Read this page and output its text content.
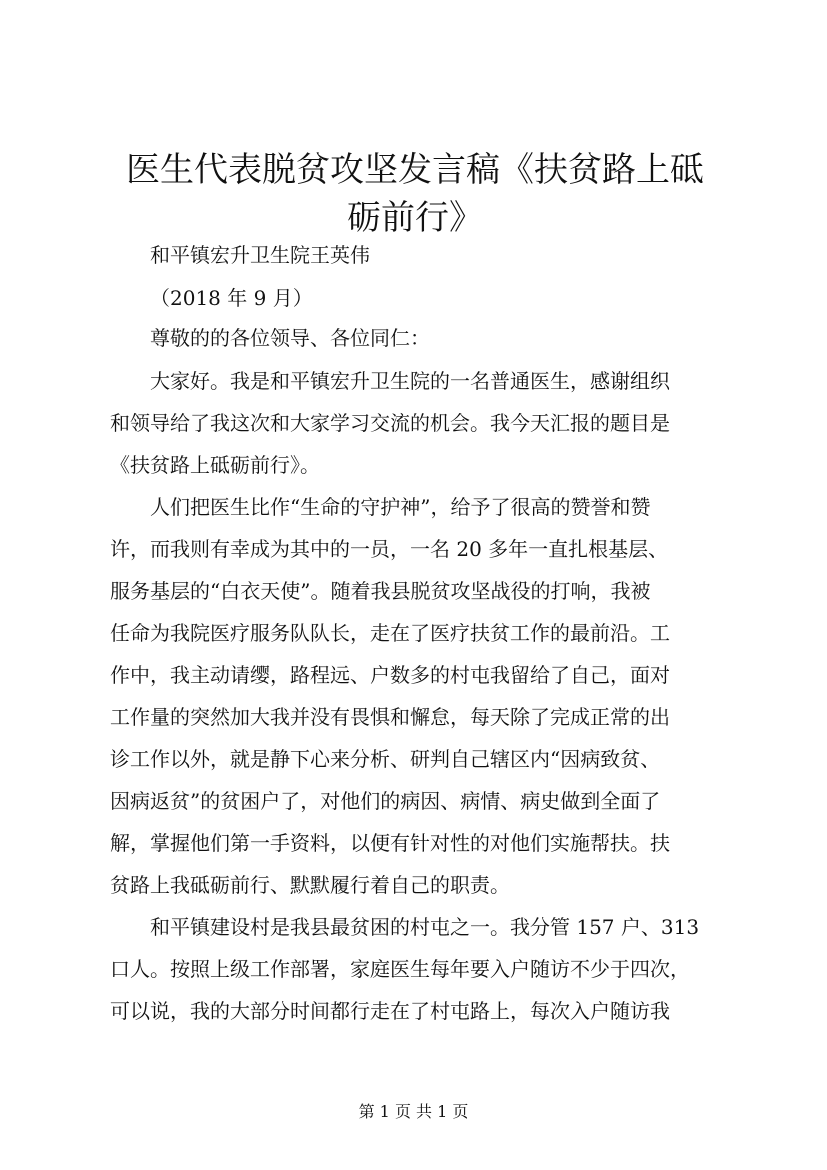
医生代表脱贫攻坚发言稿《扶贫路上砥砺前行》
和平镇宏升卫生院王英伟
（2018 年 9 月）
尊敬的的各位领导、各位同仁：
大家好。我是和平镇宏升卫生院的一名普通医生，感谢组织
和领导给了我这次和大家学习交流的机会。我今天汇报的题目是
《扶贫路上砥砺前行》。
人们把医生比作“生命的守护神”，给予了很高的赞誉和赞
许，而我则有幸成为其中的一员，一名 20 多年一直扎根基层、
服务基层的“白衣天使”。随着我县脱贫攻坚战役的打响，我被
任命为我院医疗服务队队长，走在了医疗扶贫工作的最前沿。工
作中，我主动请缨，路程远、户数多的村屯我留给了自己，面对
工作量的突然加大我并没有畏惧和懈怠，每天除了完成正常的出
诊工作以外，就是静下心来分析、研判自己辖区内“因病致贫、
因病返贫”的贫困户了，对他们的病因、病情、病史做到全面了
解，掌握他们第一手资料，以便有针对性的对他们实施帮扶。扶
贫路上我砥砺前行、默默履行着自己的职责。
和平镇建设村是我县最贫困的村屯之一。我分管 157 户、313
口人。按照上级工作部署，家庭医生每年要入户随访不少于四次，
可以说，我的大部分时间都行走在了村屯路上，每次入户随访我
第 1 页 共 1 页
